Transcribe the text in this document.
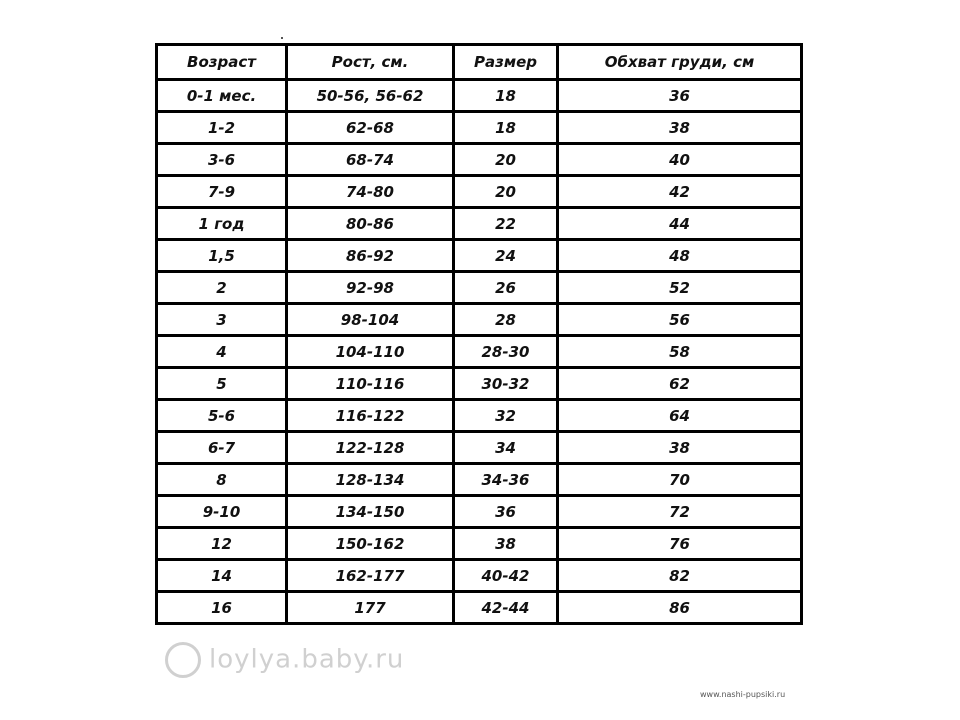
Возраст	Рост, см.	Размер	Обхват груди, см
0-1 мес.	50-56, 56-62	18	36
1-2	62-68	18	38
3-6	68-74	20	40
7-9	74-80	20	42
1 год	80-86	22	44
1,5	86-92	24	48
2	92-98	26	52
3	98-104	28	56
4	104-110	28-30	58
5	110-116	30-32	62
5-6	116-122	32	64
6-7	122-128	34	38
8	128-134	34-36	70
9-10	134-150	36	72
12	150-162	38	76
14	162-177	40-42	82
16	177	42-44	86
loylya.baby.ru
www.nashi-pupsiki.ru
